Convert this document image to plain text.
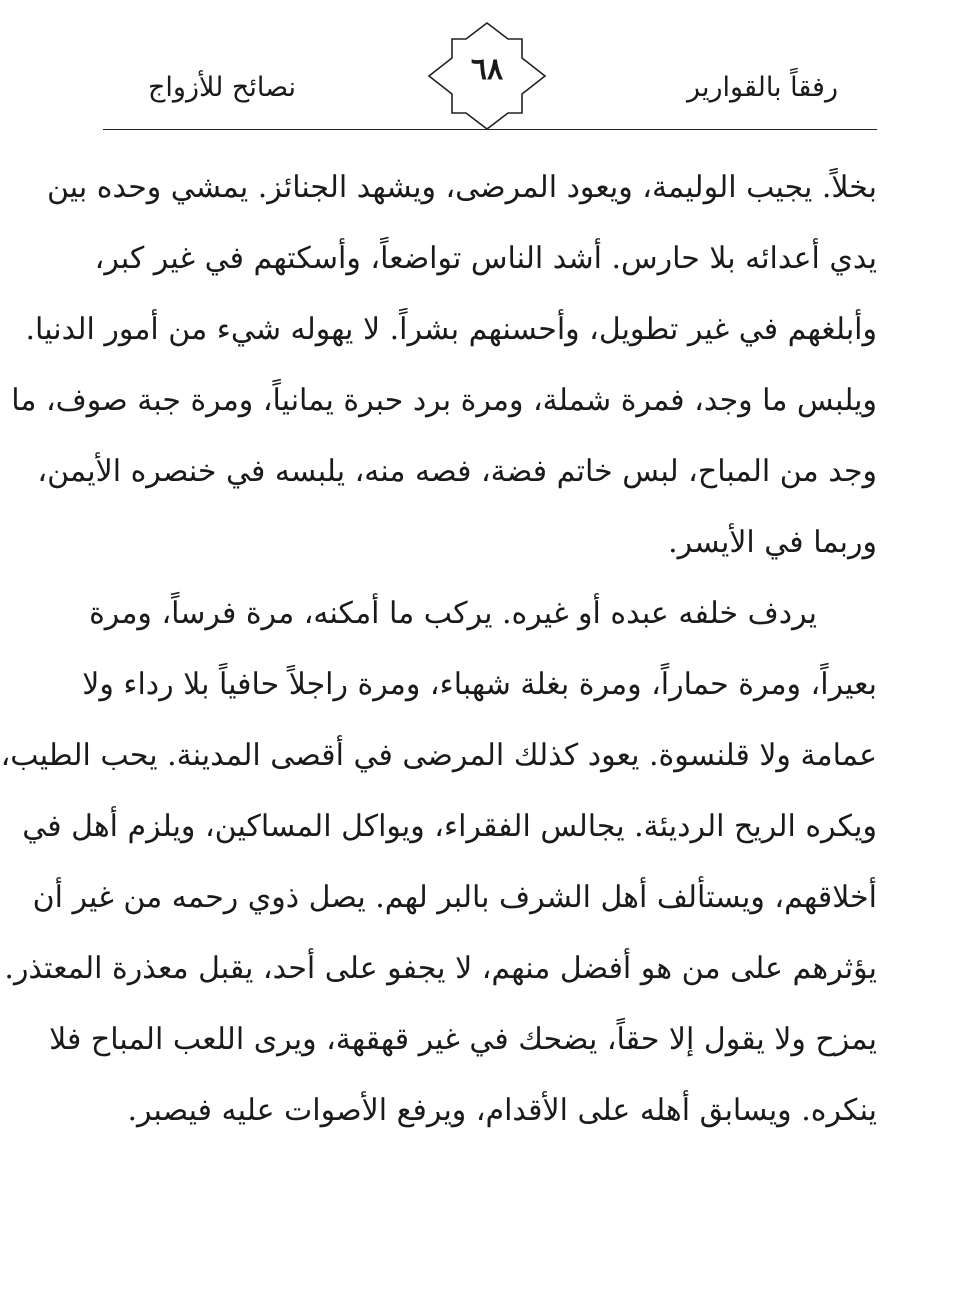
رفقاً بالقوارير
٦٨
نصائح للأزواج
بخلاً. يجيب الوليمة، ويعود المرضى، ويشهد الجنائز. يمشي وحده بين
يدي أعدائه بلا حارس. أشد الناس تواضعاً، وأسكتهم في غير كبر،
وأبلغهم في غير تطويل، وأحسنهم بشراً. لا يهوله شيء من أمور الدنيا.
ويلبس ما وجد، فمرة شملة، ومرة برد حبرة يمانياً، ومرة جبة صوف، ما
وجد من المباح، لبس خاتم فضة، فصه منه، يلبسه في خنصره الأيمن،
وربما في الأيسر.
يردف خلفه عبده أو غيره. يركب ما أمكنه، مرة فرساً، ومرة
بعيراً، ومرة حماراً، ومرة بغلة شهباء، ومرة راجلاً حافياً بلا رداء ولا
عمامة ولا قلنسوة. يعود كذلك المرضى في أقصى المدينة. يحب الطيب،
ويكره الريح الرديئة. يجالس الفقراء، ويواكل المساكين، ويلزم أهل في
أخلاقهم، ويستألف أهل الشرف بالبر لهم. يصل ذوي رحمه من غير أن
يؤثرهم على من هو أفضل منهم، لا يجفو على أحد، يقبل معذرة المعتذر.
يمزح ولا يقول إلا حقاً، يضحك في غير قهقهة، ويرى اللعب المباح فلا
ينكره. ويسابق أهله على الأقدام، ويرفع الأصوات عليه فيصبر.
